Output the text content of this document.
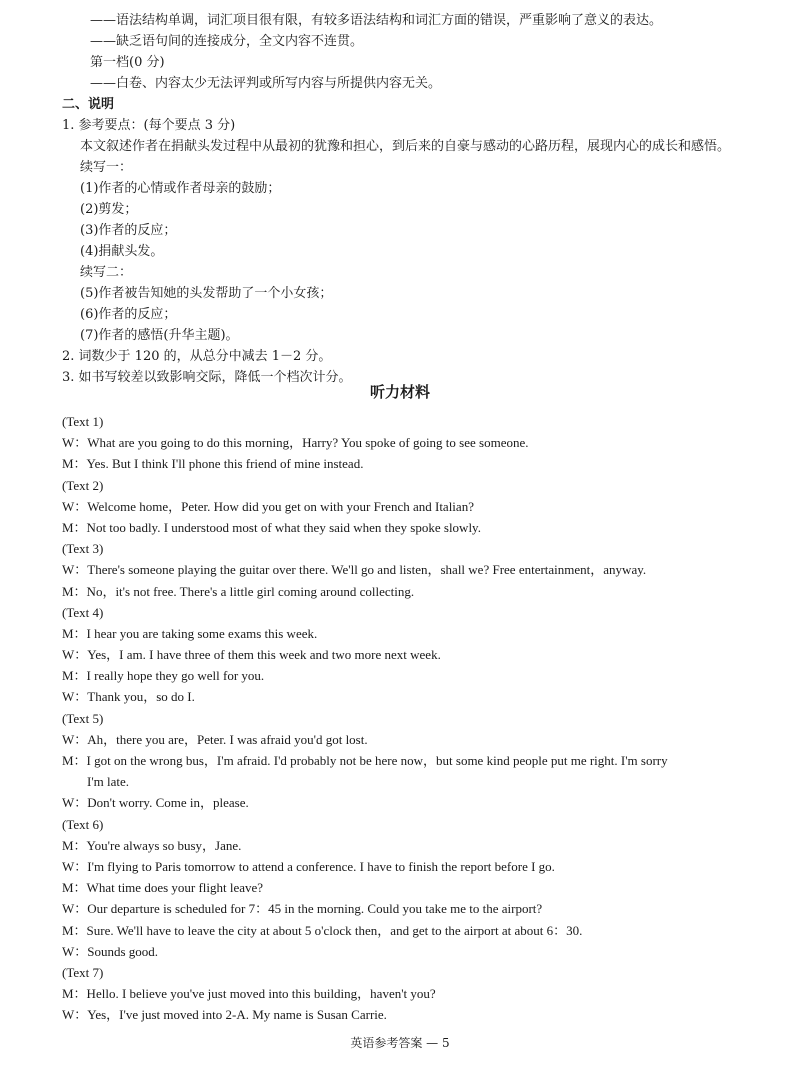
——语法结构单调，词汇项目很有限，有较多语法结构和词汇方面的错误，严重影响了意义的表达。
——缺乏语句间的连接成分，全文内容不连贯。
第一档(0 分)
——白卷、内容太少无法评判或所写内容与所提供内容无关。
二、说明
1. 参考要点：(每个要点 3 分)
本文叙述作者在捐献头发过程中从最初的犹豫和担心，到后来的自豪与感动的心路历程，展现内心的成长和感悟。
续写一：
(1)作者的心情或作者母亲的鼓励；
(2)剪发；
(3)作者的反应；
(4)捐献头发。
续写二：
(5)作者被告知她的头发帮助了一个小女孩；
(6)作者的反应；
(7)作者的感悟(升华主题)。
2. 词数少于 120 的，从总分中减去 1－2 分。
3. 如书写较差以致影响交际，降低一个档次计分。
听力材料
(Text 1)
W：What are you going to do this morning，Harry? You spoke of going to see someone.
M：Yes. But I think I'll phone this friend of mine instead.
(Text 2)
W：Welcome home，Peter. How did you get on with your French and Italian?
M：Not too badly. I understood most of what they said when they spoke slowly.
(Text 3)
W：There's someone playing the guitar over there. We'll go and listen，shall we? Free entertainment，anyway.
M：No，it's not free. There's a little girl coming around collecting.
(Text 4)
M：I hear you are taking some exams this week.
W：Yes，I am. I have three of them this week and two more next week.
M：I really hope they go well for you.
W：Thank you，so do I.
(Text 5)
W：Ah，there you are，Peter. I was afraid you'd got lost.
M：I got on the wrong bus，I'm afraid. I'd probably not be here now，but some kind people put me right. I'm sorry
I'm late.
W：Don't worry. Come in，please.
(Text 6)
M：You're always so busy，Jane.
W：I'm flying to Paris tomorrow to attend a conference. I have to finish the report before I go.
M：What time does your flight leave?
W：Our departure is scheduled for 7：45 in the morning. Could you take me to the airport?
M：Sure. We'll have to leave the city at about 5 o'clock then，and get to the airport at about 6：30.
W：Sounds good.
(Text 7)
M：Hello. I believe you've just moved into this building，haven't you?
W：Yes，I've just moved into 2-A. My name is Susan Carrie.
英语参考答案 — 5
